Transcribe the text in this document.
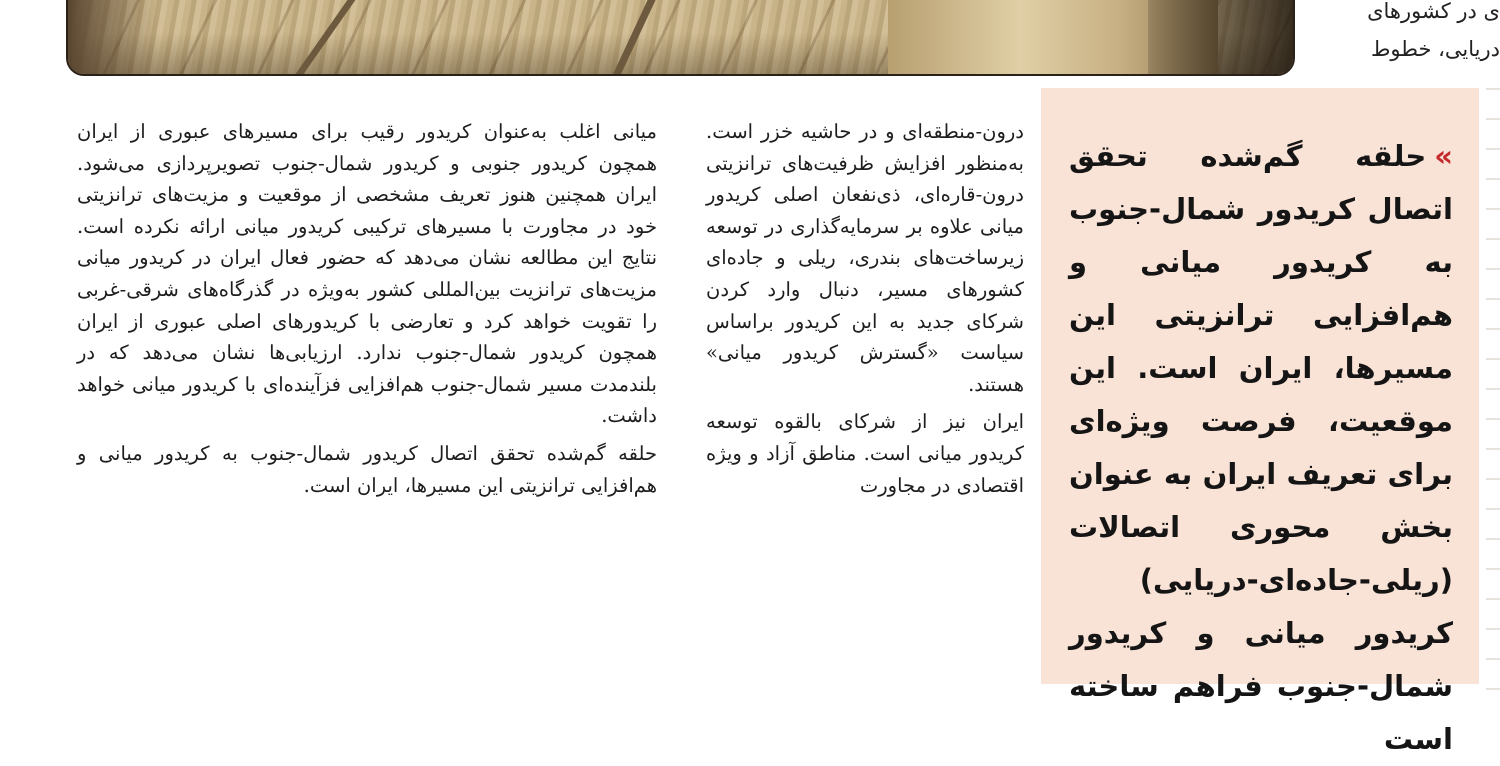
ی در کشورهای
دریایی، خطوط

درون-منطقه‌ای و در حاشیه خزر است. به‌منظور افزایش ظرفیت‌های ترانزیتی درون-قاره‌ای، ذی‌نفعان اصلی کریدور میانی علاوه بر سرمایه‌گذاری در توسعه زیرساخت‌های بندری، ریلی و جاده‌ای کشورهای مسیر، دنبال وارد کردن شرکای جدید به این کریدور براساس سیاست «گسترش کریدور میانی» هستند.

ایران نیز از شرکای بالقوه توسعه کریدور میانی است. مناطق آزاد و ویژه اقتصادی در مجاورت

میانی اغلب به‌عنوان کریدور رقیب برای مسیرهای عبوری از ایران همچون کریدور جنوبی و کریدور شمال-جنوب تصویرپردازی می‌شود. ایران همچنین هنوز تعریف مشخصی از موقعیت و مزیت‌های ترانزیتی خود در مجاورت با مسیرهای ترکیبی کریدور میانی ارائه نکرده است. نتایج این مطالعه نشان می‌دهد که حضور فعال ایران در کریدور میانی مزیت‌های ترانزیت بین‌المللی کشور به‌ویژه در گذرگاه‌های شرقی-غربی را تقویت خواهد کرد و تعارضی با کریدورهای اصلی عبوری از ایران همچون کریدور شمال-جنوب ندارد. ارزیابی‌ها نشان می‌دهد که در بلندمدت مسیر شمال-جنوب هم‌افزایی فزآینده‌ای با کریدور میانی خواهد داشت.

حلقه گم‌شده تحقق اتصال کریدور شمال-جنوب به کریدور میانی و هم‌افزایی ترانزیتی این مسیرها، ایران است.

»حلقه گم‌شده تحقق اتصال کریدور شمال-جنوب به کریدور میانی و هم‌افزایی ترانزیتی این مسیرها، ایران است. این موقعیت، فرصت ویژه‌ای برای تعریف ایران به عنوان بخش محوری اتصالات (ریلی-جاده‌ای-دریایی) کریدور میانی و کریدور شمال-جنوب فراهم ساخته است
